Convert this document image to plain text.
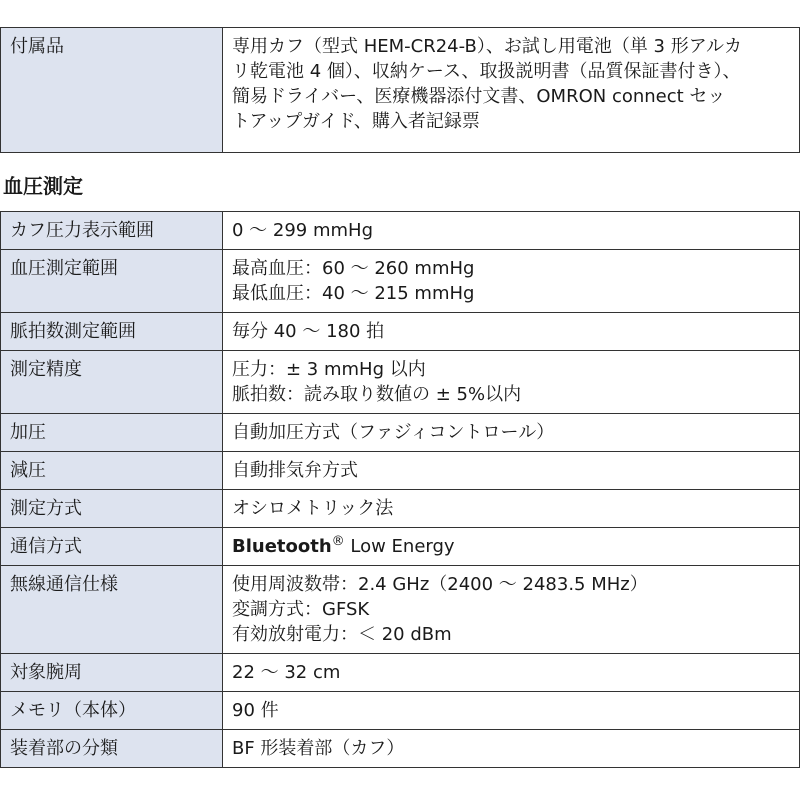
付属品	専用カフ（型式 HEM-CR24-B）、お試し用電池（単 3 形アルカ
リ乾電池 4 個）、収納ケース、取扱説明書（品質保証書付き）、
簡易ドライバー、医療機器添付文書、OMRON connect セッ
トアップガイド、購入者記録票
血圧測定
カフ圧力表示範囲	0 〜 299 mmHg

血圧測定範囲	最高血圧：60 〜 260 mmHg
最低血圧：40 〜 215 mmHg

脈拍数測定範囲	毎分 40 〜 180 拍

測定精度	圧力：± 3 mmHg 以内
脈拍数：読み取り数値の ± 5%以内

加圧	自動加圧方式（ファジィコントロール）

減圧	自動排気弁方式

測定方式	オシロメトリック法

通信方式	Bluetooth® Low Energy
無線通信仕様	使用周波数帯：2.4 GHz（2400 〜 2483.5 MHz）
変調方式：GFSK
有効放射電力：＜ 20 dBm

対象腕周	22 〜 32 cm

メモリ（本体）	90 件

装着部の分類	BF 形装着部（カフ）
